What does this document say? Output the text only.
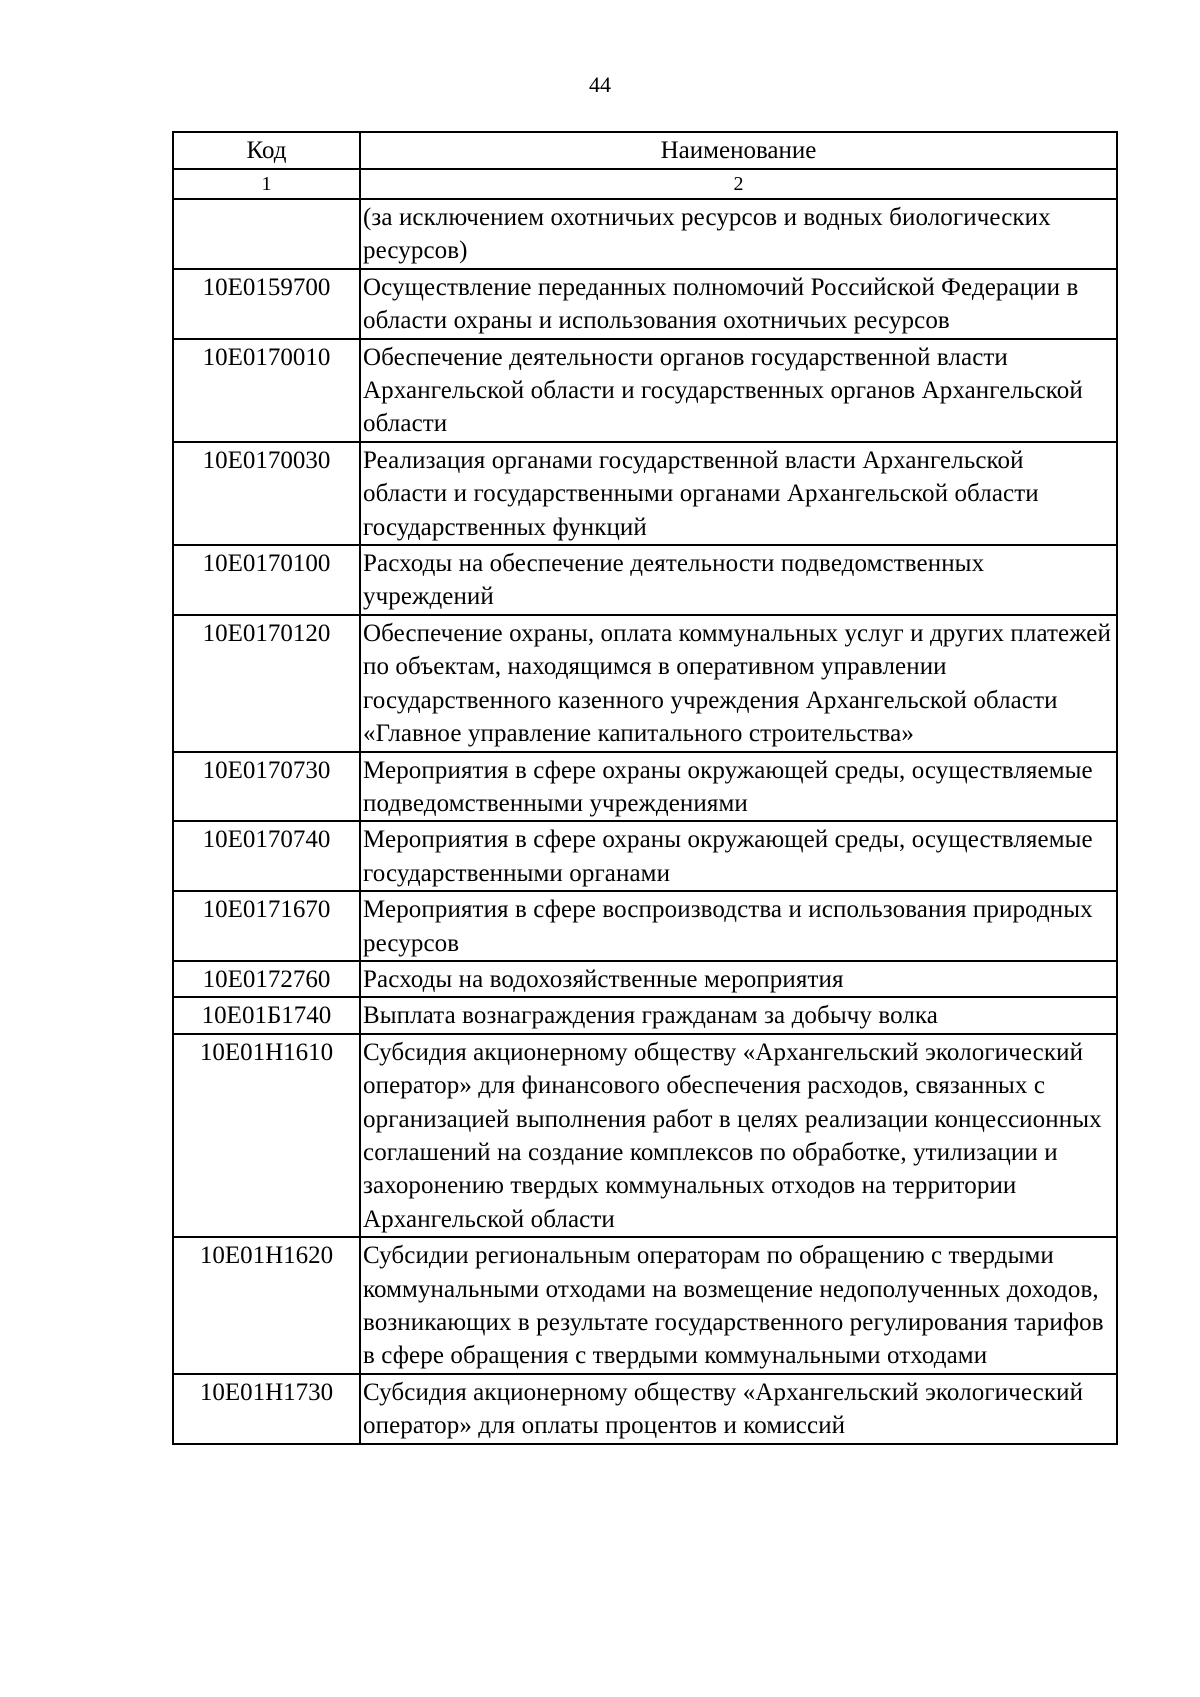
44
Код	Наименование
1	2
	(за исключением охотничьих ресурсов и водных биологических ресурсов)
10Е0159700	Осуществление переданных полномочий Российской Федерации в области охраны и использования охотничьих ресурсов
10Е0170010	Обеспечение деятельности органов государственной власти Архангельской области и государственных органов Архангельской области
10Е0170030	Реализация органами государственной власти Архангельской области и государственными органами Архангельской области государственных функций
10Е0170100	Расходы на обеспечение деятельности подведомственных учреждений
10Е0170120	Обеспечение охраны, оплата коммунальных услуг и других платежей по объектам, находящимся в оперативном управлении государственного казенного учреждения Архангельской области «Главное управление капитального строительства»
10Е0170730	Мероприятия в сфере охраны окружающей среды, осуществляемые подведомственными учреждениями
10Е0170740	Мероприятия в сфере охраны окружающей среды, осуществляемые государственными органами
10Е0171670	Мероприятия в сфере воспроизводства и использования природных ресурсов
10Е0172760	Расходы на водохозяйственные мероприятия
10Е01Б1740	Выплата вознаграждения гражданам за добычу волка
10Е01Н1610	Субсидия акционерному обществу «Архангельский экологический оператор» для финансового обеспечения расходов, связанных с организацией выполнения работ в целях реализации концессионных соглашений на создание комплексов по обработке, утилизации и захоронению твердых коммунальных отходов на территории Архангельской области
10Е01Н1620	Субсидии региональным операторам по обращению с твердыми коммунальными отходами на возмещение недополученных доходов, возникающих в результате государственного регулирования тарифов в сфере обращения с твердыми коммунальными отходами
10Е01Н1730	Субсидия акционерному обществу «Архангельский экологический оператор» для оплаты процентов и комиссий
